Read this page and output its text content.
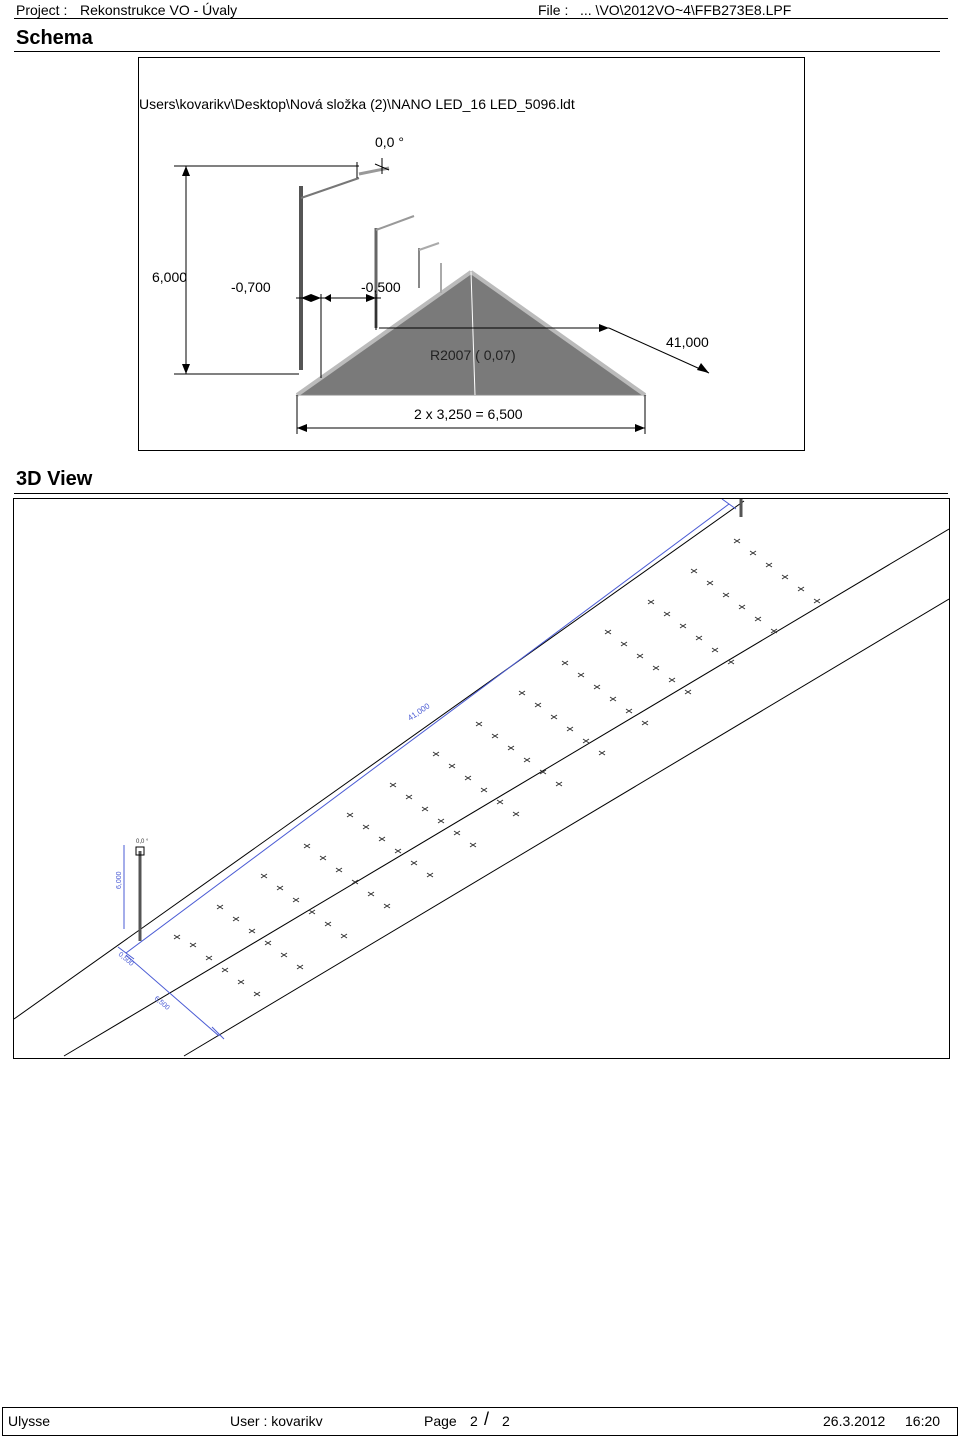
Project : Rekonstrukce VO - Úvaly	File : ... \VO\2012VO~4\FFB273E8.LPF
Schema
Users\kovarikv\Desktop\Nová složka (2)\NANO LED_16 LED_5096.ldt
0,0 °
6,000
-0,700	-0,500
R2007 ( 0,07)
41,000
2 x 3,250 = 6,500
3D View
41,000
6,000
0,0 °
6,500
0,500
Ulysse	User : kovarikv	Page 2 / 2	26.3.2012 16:20
